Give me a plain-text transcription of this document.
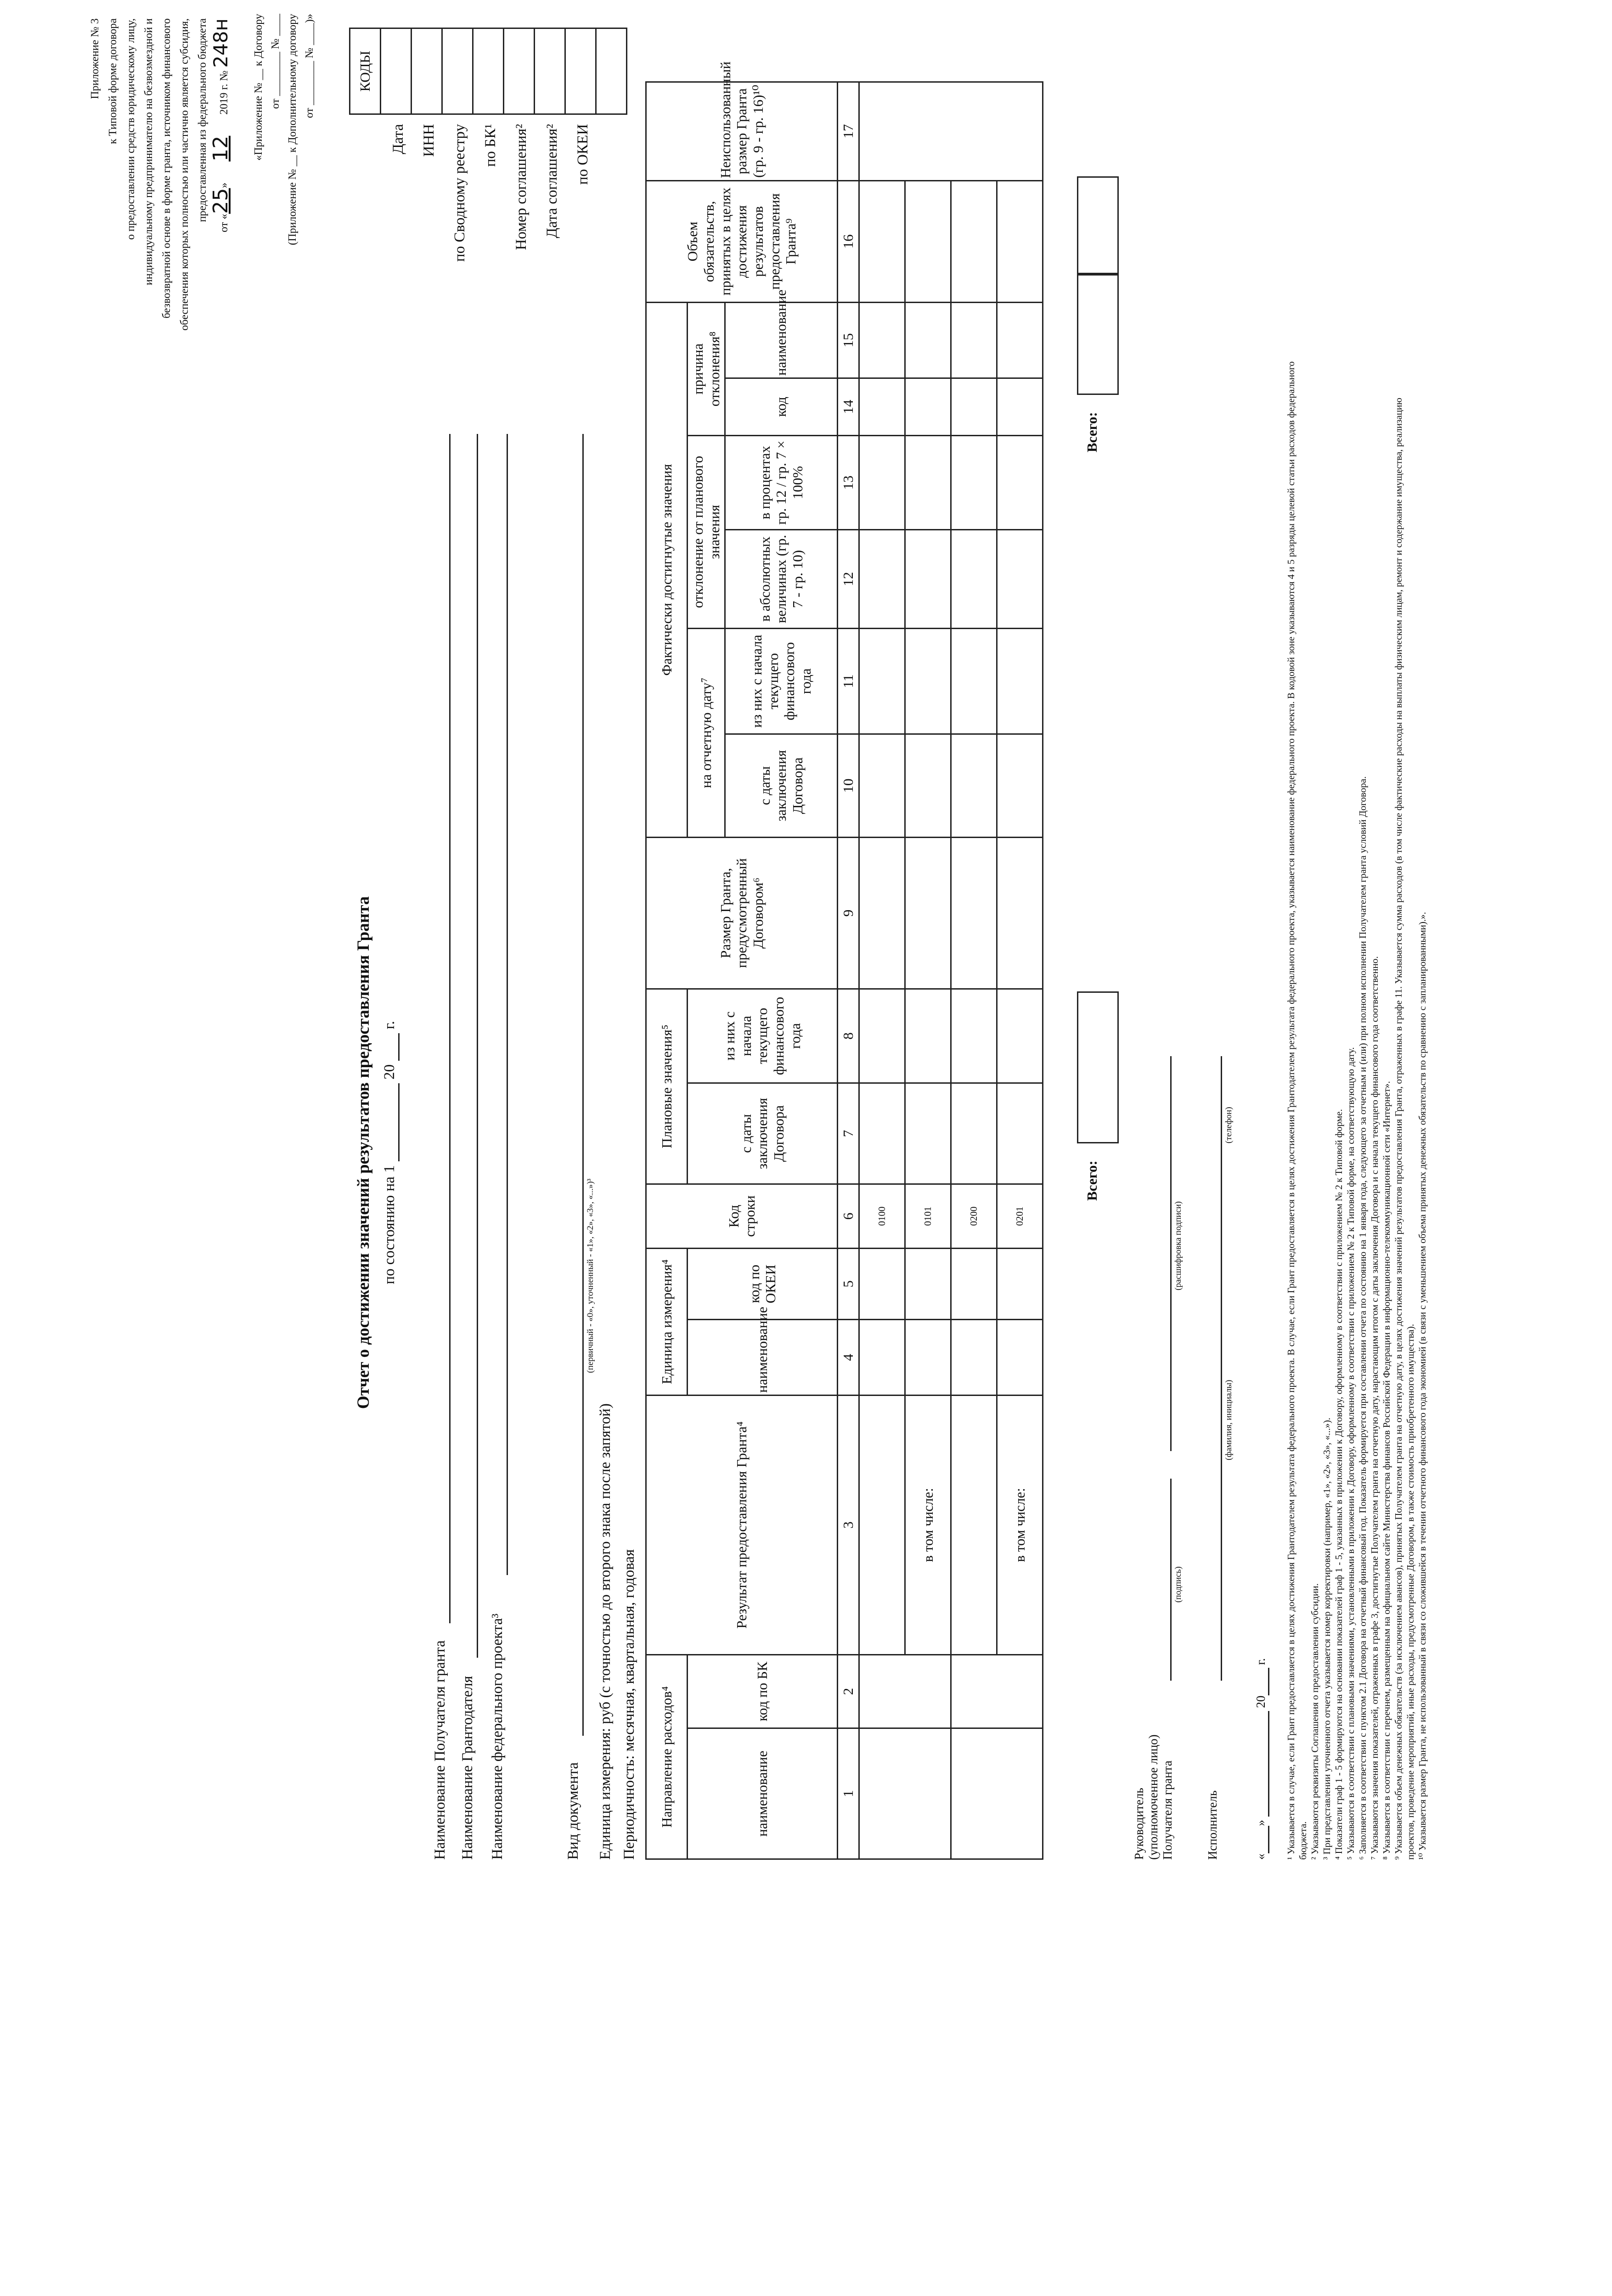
Приложение № 3 к Типовой форме договора о предоставлении средств юридическому лицу, индивидуальному предпринимателю на безвозмездной и безвозвратной основе в форме гранта, источником финансового обеспечения которых полностью или частично является субсидия, предоставленная из федерального бюджета
от «25» 12 2019 г. № 248н «Приложение № __ к Договору от ________ № ____ (Приложение № __ к Дополнительному договору от ________ № ____)»
Отчет о достижении значений результатов предоставления Гранта по состоянию на 1   20   г.
КОДЫ

Дата ИНН по Сводному реестру по БК¹ Номер соглашения² Дата соглашения² по ОКЕИ
Наименование Получателя гранта Наименование Грантодателя Наименование федерального проекта³	Вид документа
(первичный - «0», уточненный - «1», «2», «3», «...»)³
Единица измерения: руб (с точностью до второго знака после запятой) Периодичность: месячная, квартальная, годовая Направление расходов⁴		Результат предоставления Гранта⁴	Единица измерения⁴		Код строки	Плановые значения⁵		Размер Гранта, предусмотренный Договором⁶	Фактически достигнутые значения						Объем обязательств, принятых в целях достижения результатов предоставления Гранта⁹	Неиспользованный размер Гранта (гр. 9 - гр. 16)¹⁰
наименование	код по БК		наименование	код по ОКЕИ		с даты заключения Договора	из них с начала текущего финансового года		на отчетную дату⁷		отклонение от планового значения		причина отклонения⁸			
									с даты заключения Договора	из них с начала текущего финансового года	в абсолютных величинах (гр. 7 - гр. 10)	в процентах гр. 12 / гр. 7 × 100%	код	наименование		
1	2	3	4	5	6	7	8	9	10	11	12	13	14	15	16	17
					0100											
		в том числе:			0101											
					0200											
		в том числе:			0201											
Всего:
Всего:
Руководитель (уполномоченное лицо) Получателя гранта
(подпись)
(расшифровка подписи)
Исполнитель
(фамилия, инициалы)
(телефон)
« »   20  г. ¹ Указывается в случае, если Грант предоставляется в целях достижения Грантодателем результата федерального проекта. В случае, если Грант предоставляется в целях достижения Грантодателем результата федерального проекта, указывается наименование федерального проекта. В кодовой зоне указываются 4 и 5 разряды целевой статьи расходов федерального бюджета. ² Указываются реквизиты Соглашения о предоставлении субсидии. ³ При представлении уточненного отчета указывается номер корректировки (например, «1», «2», «3», «...»). ⁴ Показатели граф 1 - 5 формируются на основании показателей граф 1 - 5, указанных в приложении к Договору, оформленному в соответствии с приложением № 2 к Типовой форме. ⁵ Указываются в соответствии с плановыми значениями, установленными в приложении к Договору, оформленному в соответствии с приложением № 2 к Типовой форме, на соответствующую дату. ⁶ Заполняется в соответствии с пунктом 2.1 Договора на отчетный финансовый год. Показатель формируется при составлении отчета по состоянию на 1 января года, следующего за отчетным и (или) при полном исполнении Получателем гранта условий Договора. ⁷ Указываются значения показателей, отраженных в графе 3, достигнутые Получателем гранта на отчетную дату, нарастающим итогом с даты заключения Договора и с начала текущего финансового года соответственно. ⁸ Указывается в соответствии с перечнем, размещенным на официальном сайте Министерства финансов Российской Федерации в информационно-телекоммуникационной сети «Интернет». ⁹ Указывается объем денежных обязательств (за исключением авансов), принятых Получателем гранта на отчетную дату, в целях достижения значений результатов предоставления Гранта, отраженных в графе 11. Указывается сумма расходов (в том числе фактические расходы на выплаты физическим лицам, ремонт и содержание имущества, реализацию проектов, проведение мероприятий, иные расходы, предусмотренные Договором, в также стоимость приобретенного имущества). ¹⁰ Указывается размер Гранта, не использованный в связи со сложившейся в течении отчетного финансового года экономией (в связи с уменьшением объема принятых денежных обязательств по сравнению с запланированными).».
